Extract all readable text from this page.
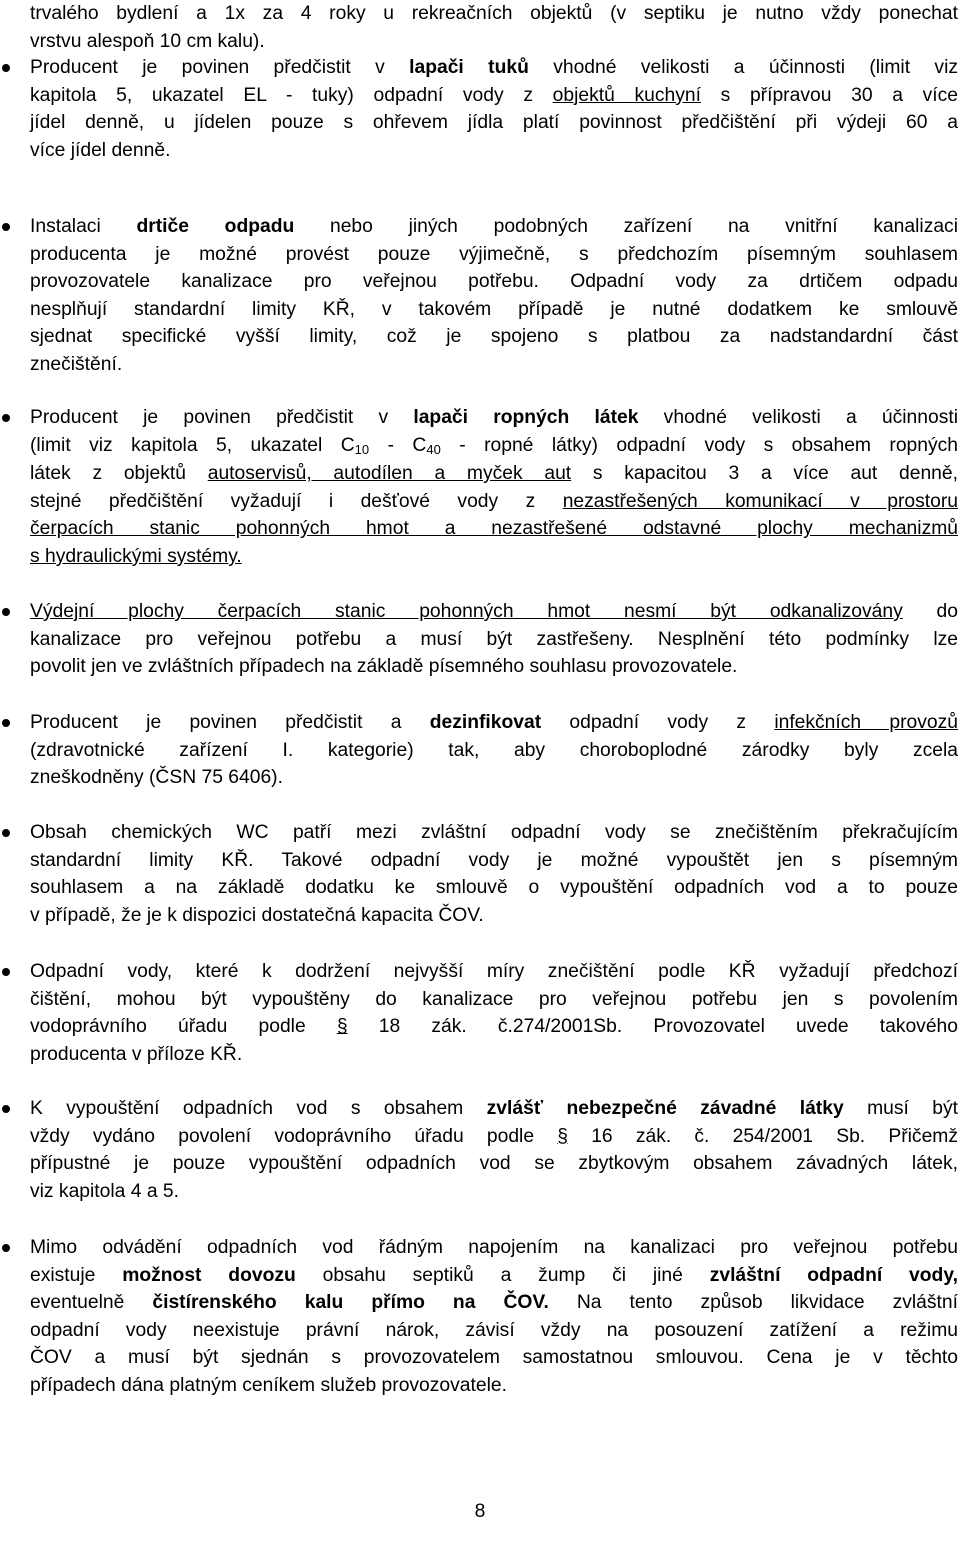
trvalého bydlení a 1x za 4 roky u rekreačních objektů (v septiku je nutno vždy ponechat
vrstvu alespoň 10 cm kalu).
Producent je povinen předčistit v lapači tuků vhodné velikosti a účinnosti (limit viz
kapitola 5, ukazatel EL - tuky) odpadní vody z objektů kuchyní s přípravou 30 a více
jídel denně, u jídelen pouze s ohřevem jídla platí povinnost předčištění při výdeji 60 a
více jídel denně.
Instalaci drtiče odpadu nebo jiných podobných zařízení na vnitřní kanalizaci
producenta je možné provést pouze výjimečně, s předchozím písemným souhlasem
provozovatele kanalizace pro veřejnou potřebu. Odpadní vody za drtičem odpadu
nesplňují standardní limity KŘ, v takovém případě je nutné dodatkem ke smlouvě
sjednat specifické vyšší limity, což je spojeno s platbou za nadstandardní část
znečištění.
Producent je povinen předčistit v lapači ropných látek vhodné velikosti a účinnosti
(limit viz kapitola 5, ukazatel $C_{10} - C_{40}$ - ropné látky) odpadní vody s obsahem ropných
látek z objektů autoservisů, autodílen a myček aut s kapacitou 3 a více aut denně,
stejné předčištění vyžadují i dešťové vody z nezastřešených komunikací v prostoru
čerpacích stanic pohonných hmot a nezastřešené odstavné plochy mechanizmů
s hydraulickými systémy.
Výdejní plochy čerpacích stanic pohonných hmot nesmí být odkanalizovány do
kanalizace pro veřejnou potřebu a musí být zastřešeny. Nesplnění této podmínky lze
povolit jen ve zvláštních případech na základě písemného souhlasu provozovatele.
Producent je povinen předčistit a dezinfikovat odpadní vody z infekčních provozů
(zdravotnické zařízení I. kategorie) tak, aby choroboplodné zárodky byly zcela
zneškodněny (ČSN 75 6406).
Obsah chemických WC patří mezi zvláštní odpadní vody se znečištěním překračujícím
standardní limity KŘ. Takové odpadní vody je možné vypouštět jen s písemným
souhlasem a na základě dodatku ke smlouvě o vypouštění odpadních vod a to pouze
v případě, že je k dispozici dostatečná kapacita ČOV.
Odpadní vody, které k dodržení nejvyšší míry znečištění podle KŘ vyžadují předchozí
čištění, mohou být vypouštěny do kanalizace pro veřejnou potřebu jen s povolením
vodoprávního úřadu podle § 18 zák. č.274/2001Sb. Provozovatel uvede takového
producenta v příloze KŘ.
K vypouštění odpadních vod s obsahem zvlášť nebezpečné závadné látky musí být
vždy vydáno povolení vodoprávního úřadu podle § 16 zák. č. 254/2001 Sb. Přičemž
přípustné je pouze vypouštění odpadních vod se zbytkovým obsahem závadných látek,
viz kapitola 4 a 5.
Mimo odvádění odpadních vod řádným napojením na kanalizaci pro veřejnou potřebu
existuje možnost dovozu obsahu septiků a žump či jiné zvláštní odpadní vody,
eventuelně čistírenského kalu přímo na ČOV. Na tento způsob likvidace zvláštní
odpadní vody neexistuje právní nárok, závisí vždy na posouzení zatížení a režimu
ČOV a musí být sjednán s provozovatelem samostatnou smlouvou. Cena je v těchto
případech dána platným ceníkem služeb provozovatele.
8
